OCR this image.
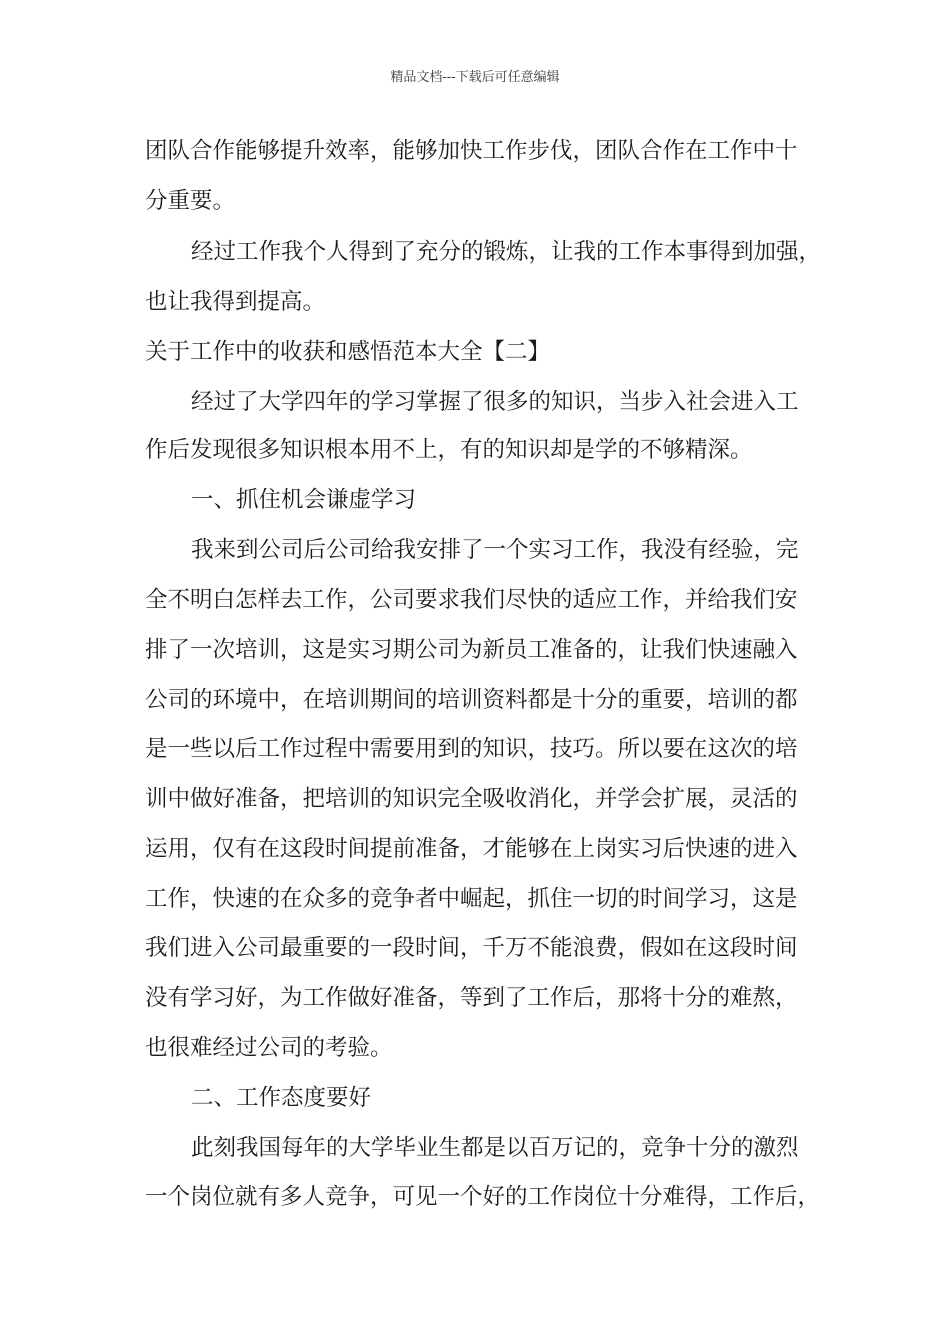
精品文档---下载后可任意编辑
团队合作能够提升效率，能够加快工作步伐，团队合作在工作中十
分重要。
经过工作我个人得到了充分的锻炼，让我的工作本事得到加强，
也让我得到提高。
关于工作中的收获和感悟范本大全【二】
经过了大学四年的学习掌握了很多的知识，当步入社会进入工
作后发现很多知识根本用不上，有的知识却是学的不够精深。
一、抓住机会谦虚学习
我来到公司后公司给我安排了一个实习工作，我没有经验，完
全不明白怎样去工作，公司要求我们尽快的适应工作，并给我们安
排了一次培训，这是实习期公司为新员工准备的，让我们快速融入
公司的环境中，在培训期间的培训资料都是十分的重要，培训的都
是一些以后工作过程中需要用到的知识，技巧。所以要在这次的培
训中做好准备，把培训的知识完全吸收消化，并学会扩展，灵活的
运用，仅有在这段时间提前准备，才能够在上岗实习后快速的进入
工作，快速的在众多的竞争者中崛起，抓住一切的时间学习，这是
我们进入公司最重要的一段时间，千万不能浪费，假如在这段时间
没有学习好，为工作做好准备，等到了工作后，那将十分的难熬，
也很难经过公司的考验。
二、工作态度要好
此刻我国每年的大学毕业生都是以百万记的，竞争十分的激烈
一个岗位就有多人竞争，可见一个好的工作岗位十分难得，工作后，
